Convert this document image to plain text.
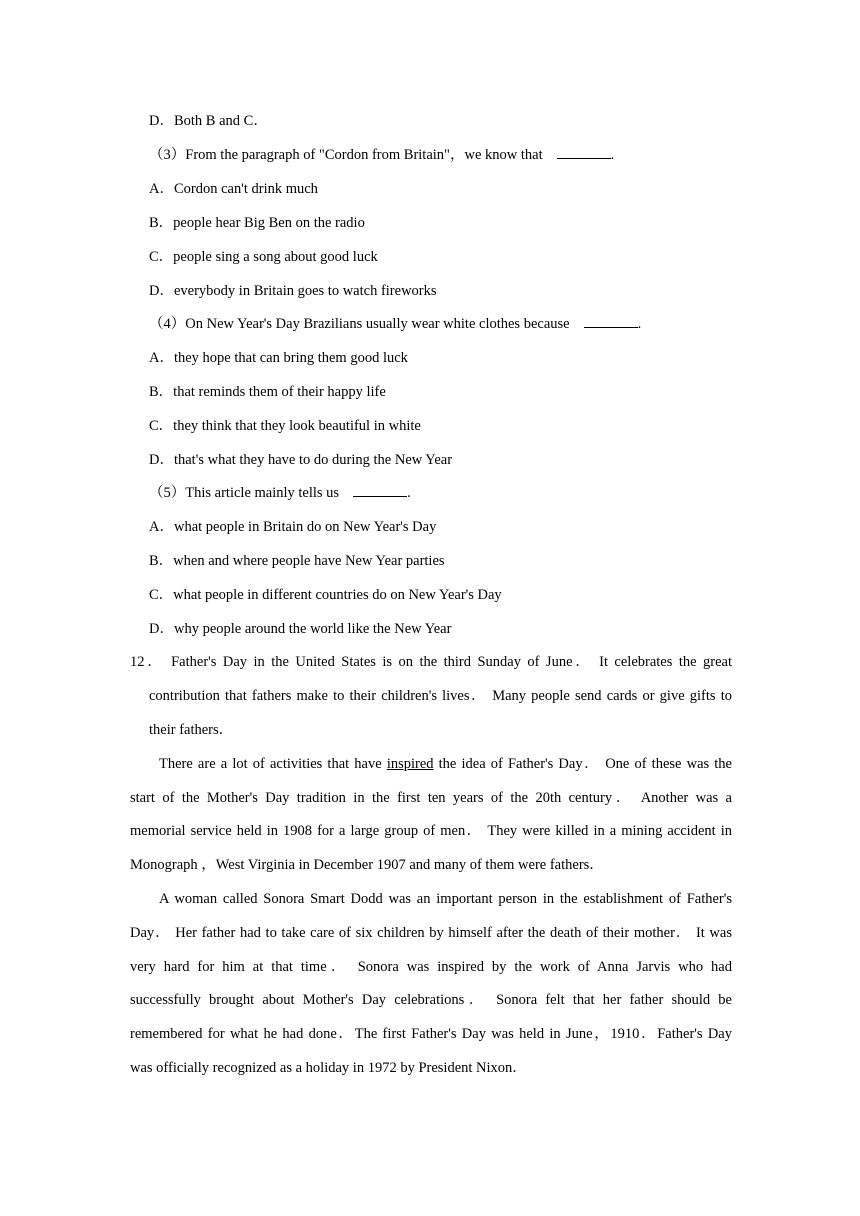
D．Both B and C．
（3）From the paragraph of "Cordon from Britain"，we know that	.
A．Cordon can't drink much
B．people hear Big Ben on the radio
C．people sing a song about good luck
D．everybody in Britain goes to watch fireworks
（4）On New Year's Day Brazilians usually wear white clothes because	.
A．they hope that can bring them good luck
B．that reminds them of their happy life
C．they think that they look beautiful in white
D．that's what they have to do during the New Year
（5）This article mainly tells us	.
A．what people in Britain do on New Year's Day
B．when and where people have New Year parties
C．what people in different countries do on New Year's Day
D．why people around the world like the New Year
12． Father's Day in the United States is on the third Sunday of June． It celebrates the great
contribution that fathers make to their children's lives． Many people send cards or give gifts to
their fathers．
There are a lot of activities that have inspired the idea of Father's Day． One of these was the
start of the Mother's Day tradition in the first ten years of the 20th century． Another was a
memorial service held in 1908 for a large group of men． They were killed in a mining accident in
Monograph ，West Virginia in December 1907 and many of them were fathers．
A woman called Sonora Smart Dodd was an important person in the establishment of Father's
Day． Her father had to take care of six children by himself after the death of their mother． It was
very hard for him at that time． Sonora was inspired by the work of Anna Jarvis who had
successfully brought about Mother's Day celebrations． Sonora felt that her father should be
remembered for what he had done．The first Father's Day was held in June，1910．Father's Day
was officially recognized as a holiday in 1972 by President Nixon．
